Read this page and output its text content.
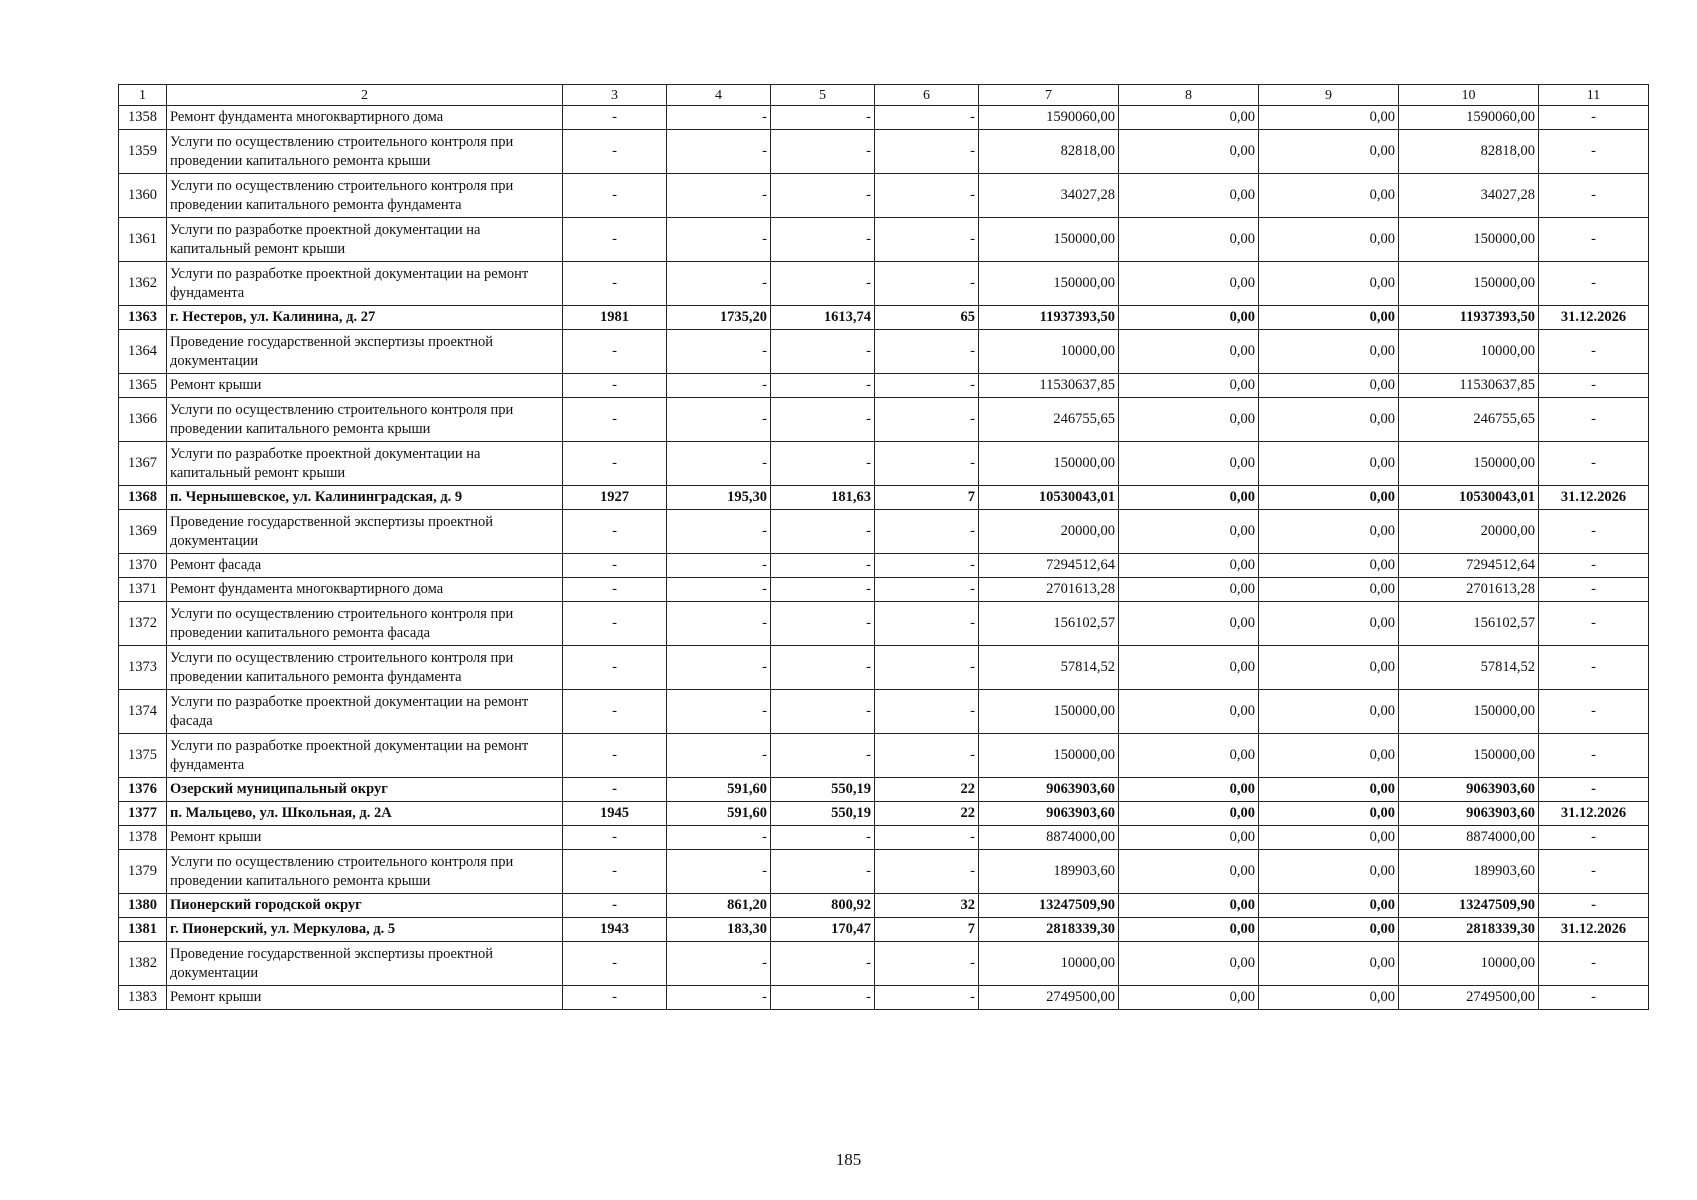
1	2	3	4	5	6	7	8	9	10	11
1358	Ремонт фундамента многоквартирного дома	-	-	-	-	1590060,00	0,00	0,00	1590060,00	-
1359	Услуги по осуществлению строительного контроля при проведении капитального ремонта крыши	-	-	-	-	82818,00	0,00	0,00	82818,00	-
1360	Услуги по осуществлению строительного контроля при проведении капитального ремонта фундамента	-	-	-	-	34027,28	0,00	0,00	34027,28	-
1361	Услуги по разработке проектной документации на капитальный ремонт крыши	-	-	-	-	150000,00	0,00	0,00	150000,00	-
1362	Услуги по разработке проектной документации на ремонт фундамента	-	-	-	-	150000,00	0,00	0,00	150000,00	-
1363	г. Нестеров, ул. Калинина, д. 27	1981	1735,20	1613,74	65	11937393,50	0,00	0,00	11937393,50	31.12.2026
1364	Проведение государственной экспертизы проектной документации	-	-	-	-	10000,00	0,00	0,00	10000,00	-
1365	Ремонт крыши	-	-	-	-	11530637,85	0,00	0,00	11530637,85	-
1366	Услуги по осуществлению строительного контроля при проведении капитального ремонта крыши	-	-	-	-	246755,65	0,00	0,00	246755,65	-
1367	Услуги по разработке проектной документации на капитальный ремонт крыши	-	-	-	-	150000,00	0,00	0,00	150000,00	-
1368	п. Чернышевское, ул. Калининградская, д. 9	1927	195,30	181,63	7	10530043,01	0,00	0,00	10530043,01	31.12.2026
1369	Проведение государственной экспертизы проектной документации	-	-	-	-	20000,00	0,00	0,00	20000,00	-
1370	Ремонт фасада	-	-	-	-	7294512,64	0,00	0,00	7294512,64	-
1371	Ремонт фундамента многоквартирного дома	-	-	-	-	2701613,28	0,00	0,00	2701613,28	-
1372	Услуги по осуществлению строительного контроля при проведении капитального ремонта фасада	-	-	-	-	156102,57	0,00	0,00	156102,57	-
1373	Услуги по осуществлению строительного контроля при проведении капитального ремонта фундамента	-	-	-	-	57814,52	0,00	0,00	57814,52	-
1374	Услуги по разработке проектной документации на ремонт фасада	-	-	-	-	150000,00	0,00	0,00	150000,00	-
1375	Услуги по разработке проектной документации на ремонт фундамента	-	-	-	-	150000,00	0,00	0,00	150000,00	-
1376	Озерский муниципальный округ	-	591,60	550,19	22	9063903,60	0,00	0,00	9063903,60	-
1377	п. Мальцево, ул. Школьная, д. 2А	1945	591,60	550,19	22	9063903,60	0,00	0,00	9063903,60	31.12.2026
1378	Ремонт крыши	-	-	-	-	8874000,00	0,00	0,00	8874000,00	-
1379	Услуги по осуществлению строительного контроля при проведении капитального ремонта крыши	-	-	-	-	189903,60	0,00	0,00	189903,60	-
1380	Пионерский городской округ	-	861,20	800,92	32	13247509,90	0,00	0,00	13247509,90	-
1381	г. Пионерский, ул. Меркулова, д. 5	1943	183,30	170,47	7	2818339,30	0,00	0,00	2818339,30	31.12.2026
1382	Проведение государственной экспертизы проектной документации	-	-	-	-	10000,00	0,00	0,00	10000,00	-
1383	Ремонт крыши	-	-	-	-	2749500,00	0,00	0,00	2749500,00	-
185
